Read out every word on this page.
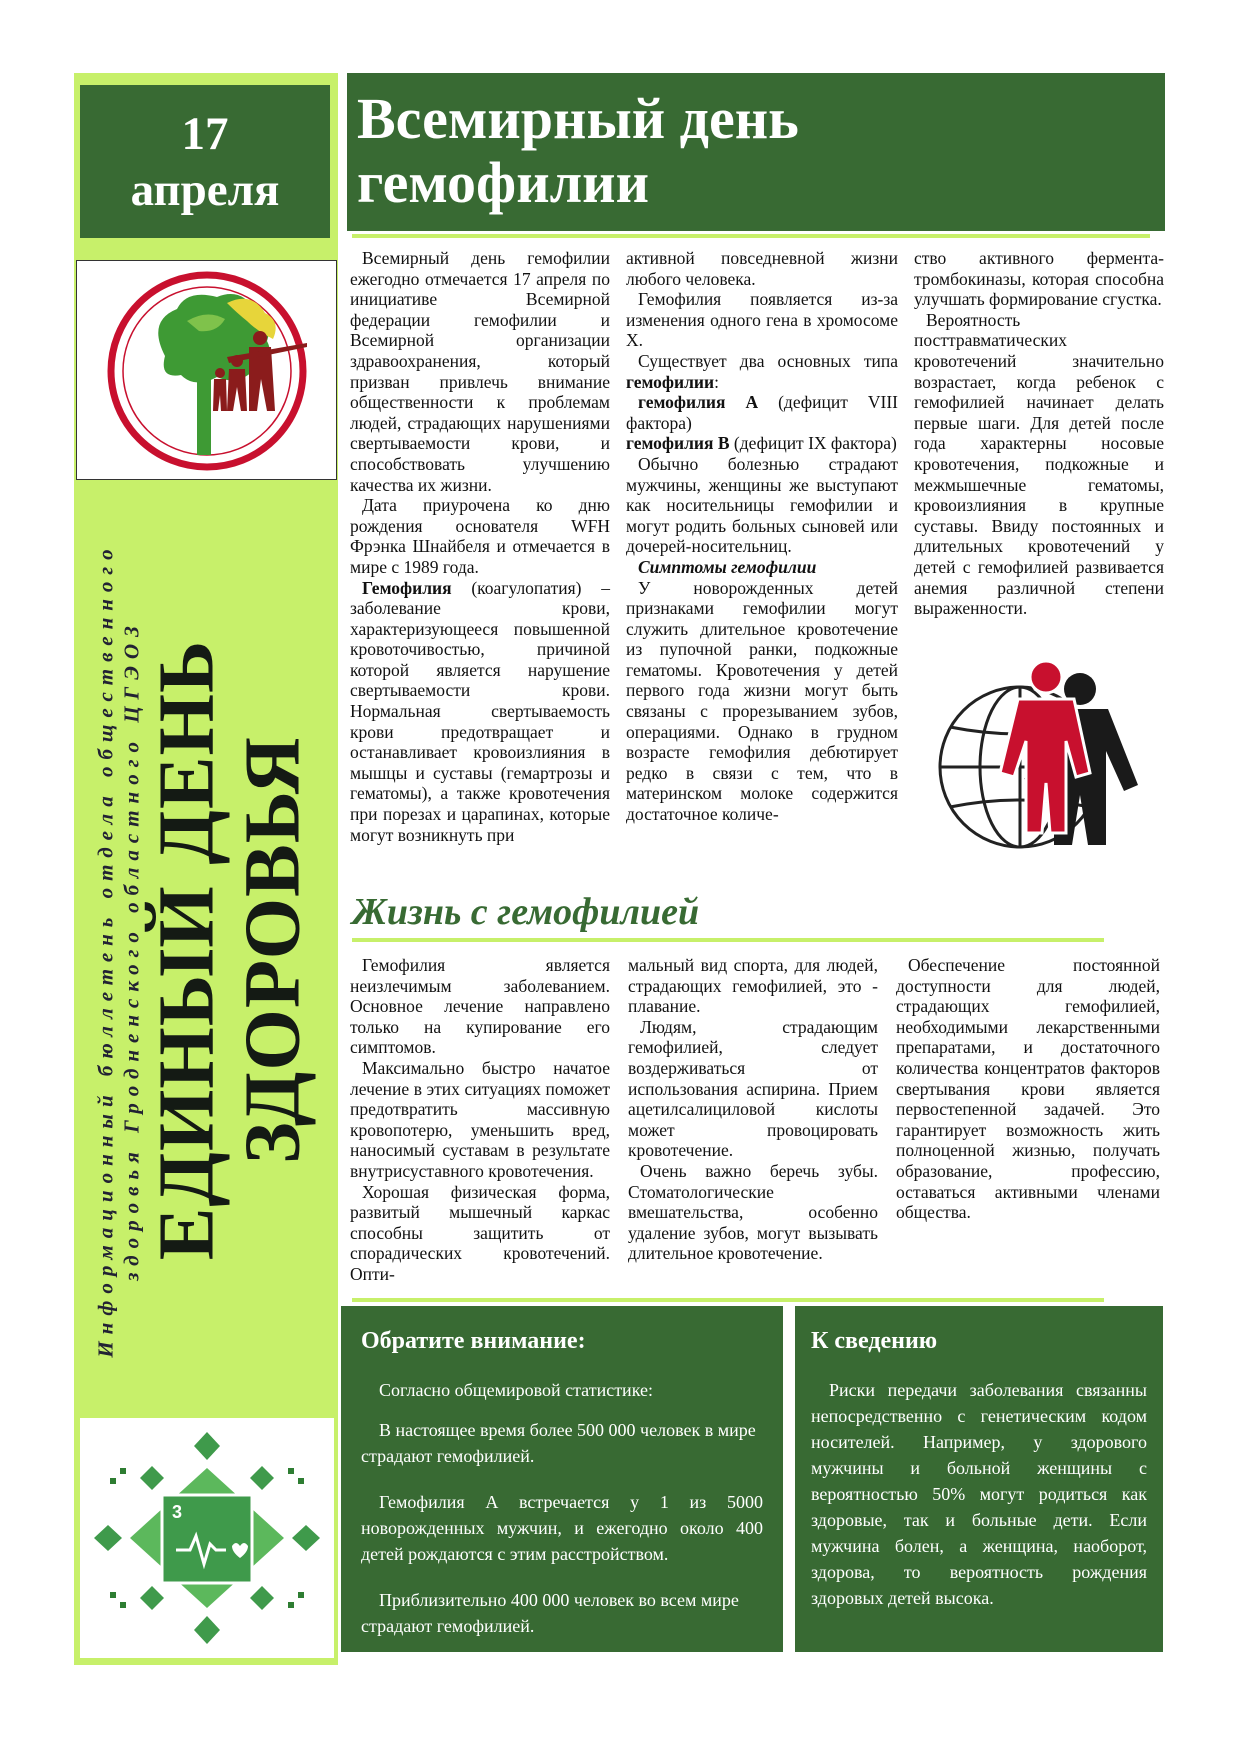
17
апреля
Информационный бюллетень отдела общественного здоровья Гродненского областного ЦГЭОЗ ЕДИНЫЙ ДЕНЬ ЗДОРОВЬЯ
3
Всемирный день
гемофилии

Всемирный день гемофилии ежегодно отмечается 17 апреля по инициативе Всемирной федерации гемофилии и Всемирной организации здравоохранения, который призван привлечь внимание общественности к проблемам людей, страдающих нарушениями свертываемости крови, и способствовать улучшению качества их жизни.

Дата приурочена ко дню рождения основателя WFH Фрэнка Шнайбеля и отмечается в мире с 1989 года.

Гемофилия (коагулопатия) – заболевание крови, характеризующееся повышенной кровоточивостью, причиной которой является нарушение свертываемости крови. Нормальная свертываемость крови предотвращает и останавливает кровоизлияния в мышцы и суставы (гемартрозы и гематомы), а также кровотечения при порезах и царапинах, которые могут возникнуть при

активной повседневной жизни любого человека.

Гемофилия появляется из-за изменения одного гена в хромосоме Х.

Существует два основных типа гемофилии:

гемофилия А (дефицит VIII фактора)

гемофилия В (дефицит IX фактора)

Обычно болезнью страдают мужчины, женщины же выступают как носительницы гемофилии и могут родить больных сыновей или дочерей-носительниц.

Симптомы гемофилии

У новорожденных детей признаками гемофилии могут служить длительное кровотечение из пупочной ранки, подкожные гематомы. Кровотечения у детей первого года жизни могут быть связаны с прорезыванием зубов, операциями. Однако в грудном возрасте гемофилия дебютирует редко в связи с тем, что в материнском молоке содержится достаточное количе-

ство активного фермента-тромбокиназы, которая способна улучшать формирование сгустка.

Вероятность посттравматических кровотечений значительно возрастает, когда ребенок с гемофилией начинает делать первые шаги. Для детей после года характерны носовые кровотечения, подкожные и межмышечные гематомы, кровоизлияния в крупные суставы. Ввиду постоянных и длительных кровотечений у детей с гемофилией развивается анемия различной степени выраженности.

Жизнь с гемофилией

Гемофилия является неизлечимым заболеванием. Основное лечение направлено только на купирование его симптомов.

Максимально быстро начатое лечение в этих ситуациях поможет предотвратить массивную кровопотерю, уменьшить вред, наносимый суставам в результате внутрисуставного кровотечения.

Хорошая физическая форма, развитый мышечный каркас способны защитить от спорадических кровотечений. Опти-

мальный вид спорта, для людей, страдающих гемофилией, это - плавание.

Людям, страдающим гемофилией, следует воздерживаться от использования аспирина. Прием ацетилсалициловой кислоты может провоцировать кровотечение.

Очень важно беречь зубы. Стоматологические вмешательства, особенно удаление зубов, могут вызывать длительное кровотечение.

Обеспечение постоянной доступности для людей, страдающих гемофилией, необходимыми лекарственными препаратами, и достаточного количества концентратов факторов свертывания крови является первостепенной задачей. Это гарантирует возможность жить полноценной жизнью, получать образование, профессию, оставаться активными членами общества.

Обратите внимание:

Согласно общемировой статистике:

В настоящее время более 500 000 человек в мире страдают гемофилией.

Гемофилия А встречается у 1 из 5000 новорожденных мужчин, и ежегодно около 400 детей рождаются с этим расстройством.

Приблизительно 400 000 человек во всем мире страдают гемофилией.

К сведению

Риски передачи заболевания связанны непосредственно с генетическим кодом носителей. Например, у здорового мужчины и больной женщины с вероятностью 50% могут родиться как здоровые, так и больные дети. Если мужчина болен, а женщина, наоборот, здорова, то вероятность рождения здоровых детей высока.
